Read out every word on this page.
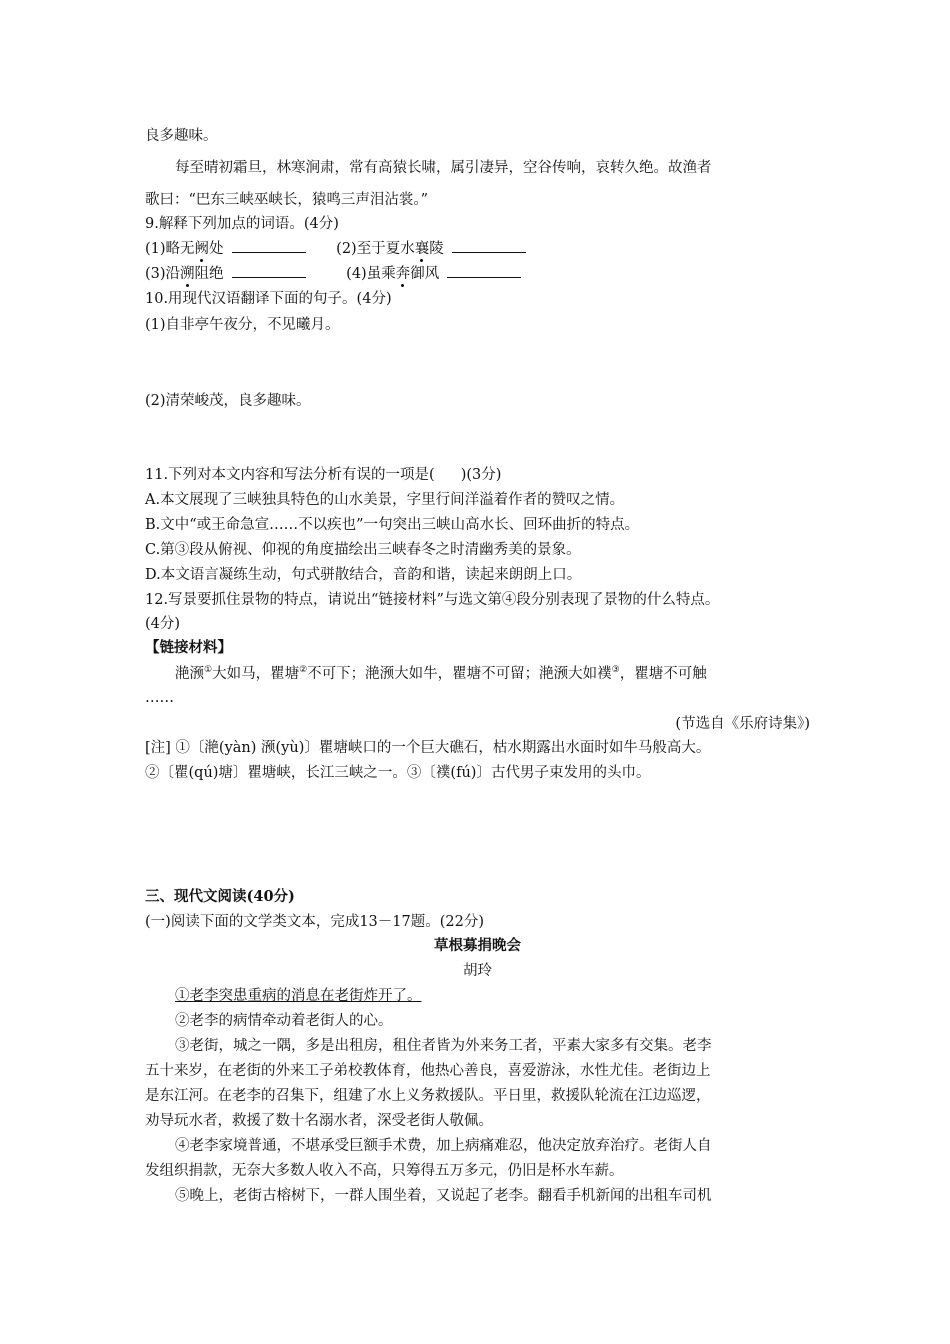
良多趣味。
每至晴初霜旦，林寒涧肃，常有高猿长啸，属引凄异，空谷传响，哀转久绝。故渔者
歌曰：“巴东三峡巫峡长，猿鸣三声泪沾裳。”
9.解释下列加点的词语。(4分)
(1)略无阙处	(2)至于夏水襄陵
(3)沿溯阻绝	(4)虽乘奔御风
10.用现代汉语翻译下面的句子。(4分)
(1)自非亭午夜分，不见曦月。
(2)清荣峻茂，良多趣味。
11.下列对本文内容和写法分析有误的一项是( )(3分)
A.本文展现了三峡独具特色的山水美景，字里行间洋溢着作者的赞叹之情。
B.文中“或王命急宣……不以疾也”一句突出三峡山高水长、回环曲折的特点。
C.第③段从俯视、仰视的角度描绘出三峡春冬之时清幽秀美的景象。
D.本文语言凝练生动，句式骈散结合，音韵和谐，读起来朗朗上口。
12.写景要抓住景物的特点，请说出“链接材料”与选文第④段分别表现了景物的什么特点。
(4分)
【链接材料】
滟滪①大如马，瞿塘②不可下；滟滪大如牛，瞿塘不可留；滟滪大如襆③，瞿塘不可触
……
(节选自《乐府诗集》)
[注] ①〔滟(yàn) 滪(yù)〕瞿塘峡口的一个巨大礁石，枯水期露出水面时如牛马般高大。
②〔瞿(qú)塘〕瞿塘峡，长江三峡之一。③〔襆(fú)〕古代男子束发用的头巾。
三、现代文阅读(40分)
(一)阅读下面的文学类文本，完成13－17题。(22分)
草根募捐晚会
胡玲
①老李突患重病的消息在老街炸开了。
②老李的病情牵动着老街人的心。
③老街，城之一隅，多是出租房，租住者皆为外来务工者，平素大家多有交集。老李
五十来岁，在老街的外来工子弟校教体育，他热心善良，喜爱游泳，水性尤佳。老街边上
是东江河。在老李的召集下，组建了水上义务救援队。平日里，救援队轮流在江边巡逻，
劝导玩水者，救援了数十名溺水者，深受老街人敬佩。
④老李家境普通，不堪承受巨额手术费，加上病痛难忍，他决定放弃治疗。老街人自
发组织捐款，无奈大多数人收入不高，只筹得五万多元，仍旧是杯水车薪。
⑤晚上，老街古榕树下，一群人围坐着，又说起了老李。翻看手机新闻的出租车司机
